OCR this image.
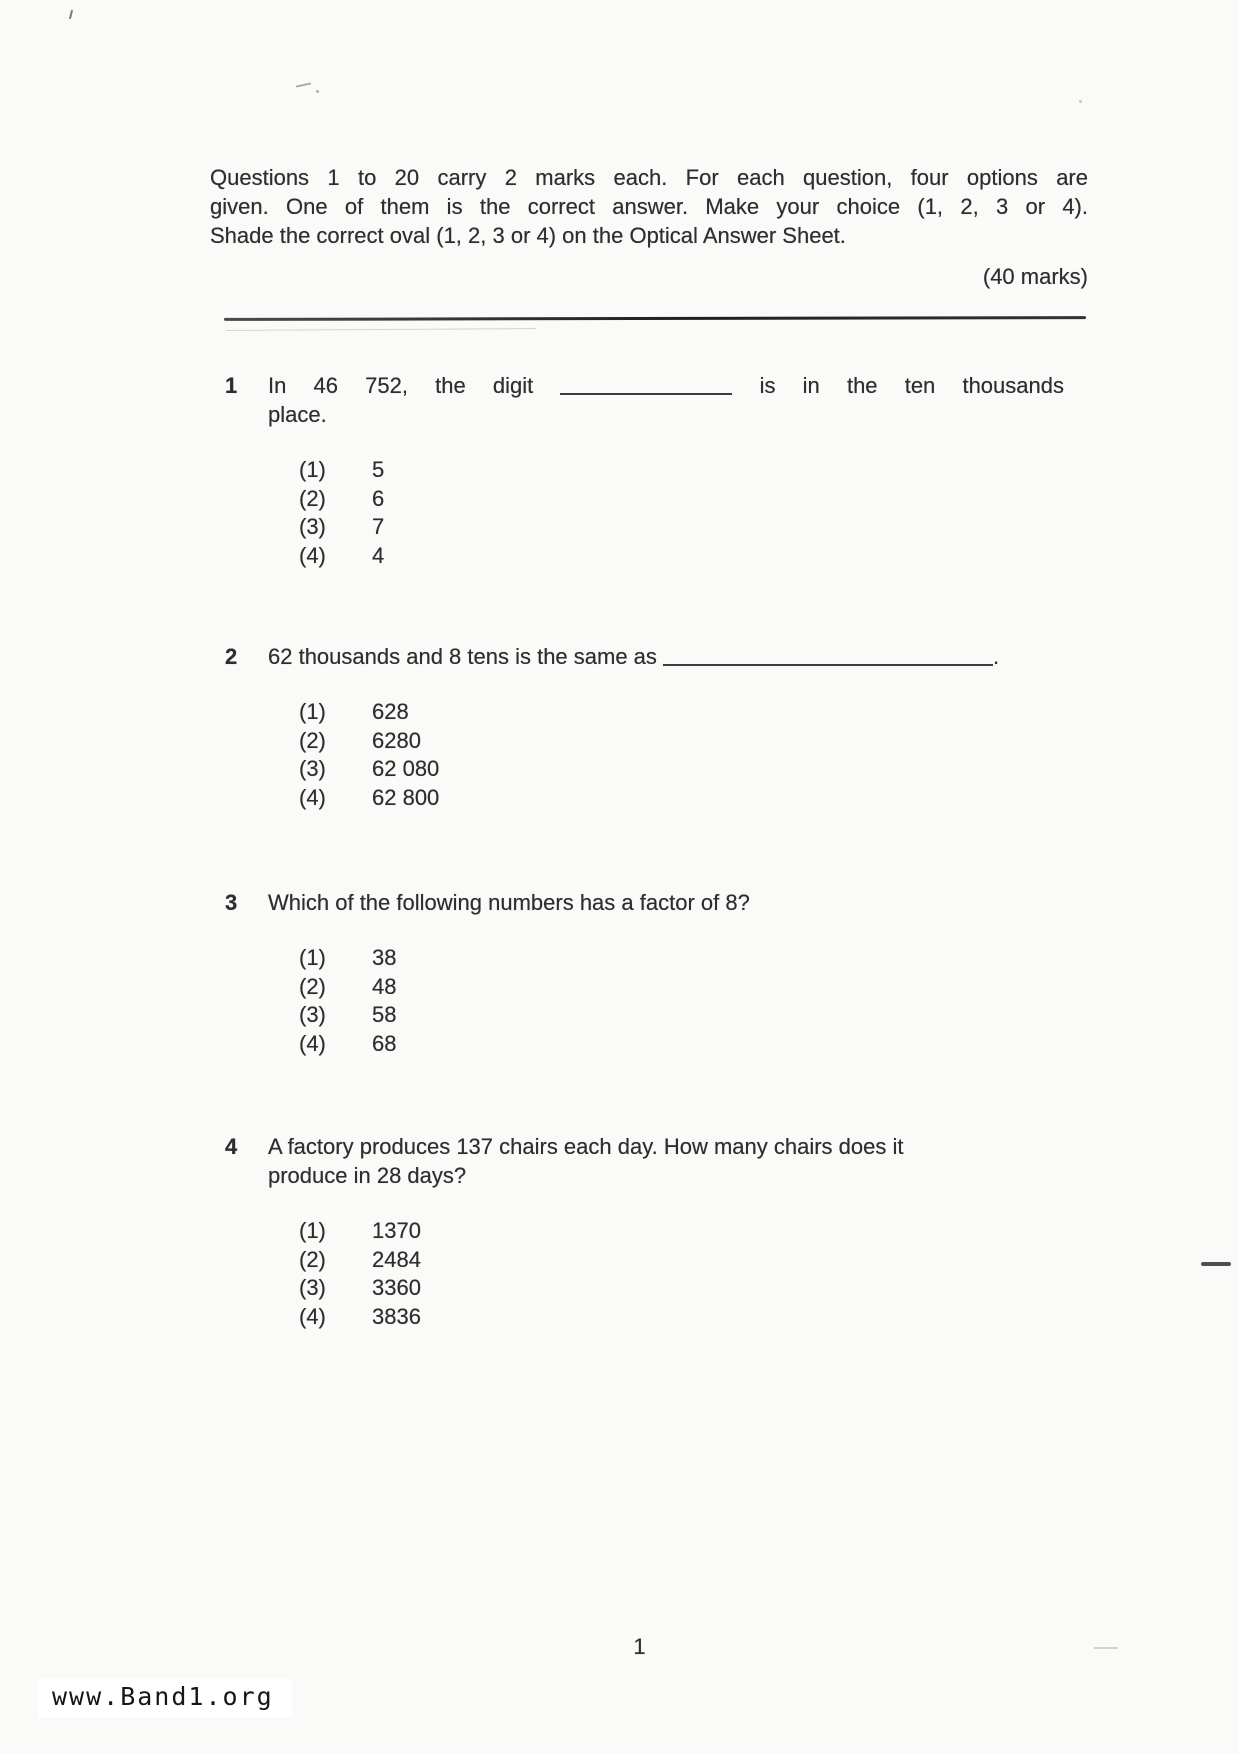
Questions 1 to 20 carry 2 marks each. For each question, four options are
given. One of them is the correct answer. Make your choice (1, 2, 3 or 4).
Shade the correct oval (1, 2, 3 or 4) on the Optical Answer Sheet.
(40 marks)
1 In 46 752, the digit	is in the ten thousands
place.
(1)	5
(2)	6
(3)	7
(4)	4
2 62 thousands and 8 tens is the same as	.
(1)	628
(2)	6280
(3)	62 080
(4)	62 800
3 Which of the following numbers has a factor of 8?
(1)	38
(2)	48
(3)	58
(4)	68
4 A factory produces 137 chairs each day. How many chairs does it
produce in 28 days?
(1)	1370
(2)	2484
(3)	3360
(4)	3836
1
www.Band1.org
